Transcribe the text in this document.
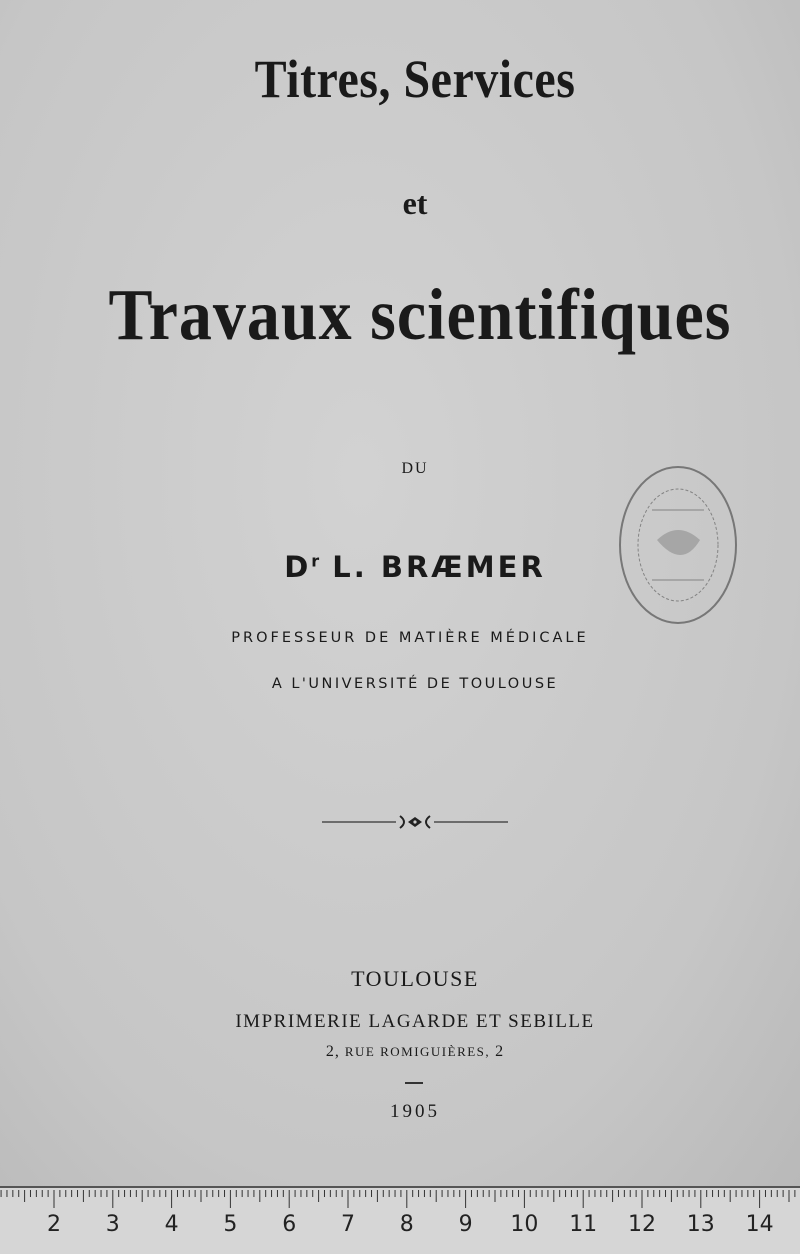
Titres, Services
et
Travaux scientifiques
DU
$D^r$ L. BRÆMER
PROFESSEUR DE MATIÈRE MÉDICALE
A L'UNIVERSITÉ DE TOULOUSE
TOULOUSE
IMPRIMERIE LAGARDE ET SEBILLE
2, RUE ROMIGUIÈRES, 2
1905
2	3	4	5	6	7	8	9	10 11 12 13 14
